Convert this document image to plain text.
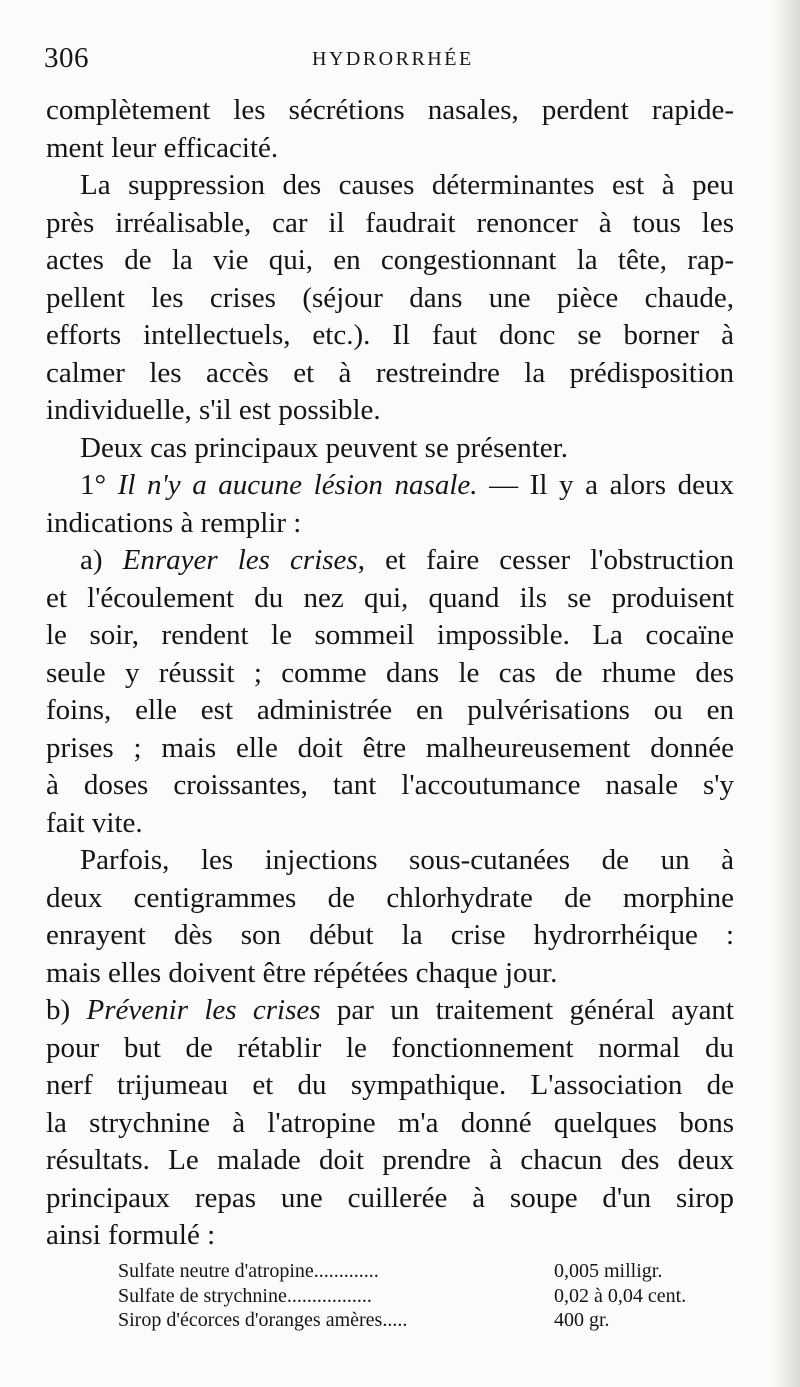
306	HYDRORRHÉE
complètement les sécrétions nasales, perdent rapide-
ment leur efficacité.
La suppression des causes déterminantes est à peu
près irréalisable, car il faudrait renoncer à tous les
actes de la vie qui, en congestionnant la tête, rap-
pellent les crises (séjour dans une pièce chaude,
efforts intellectuels, etc.). Il faut donc se borner à
calmer les accès et à restreindre la prédisposition
individuelle, s'il est possible.
Deux cas principaux peuvent se présenter.
1° Il n'y a aucune lésion nasale. — Il y a alors deux
indications à remplir :
a) Enrayer les crises, et faire cesser l'obstruction
et l'écoulement du nez qui, quand ils se produisent
le soir, rendent le sommeil impossible. La cocaïne
seule y réussit ; comme dans le cas de rhume des
foins, elle est administrée en pulvérisations ou en
prises ; mais elle doit être malheureusement donnée
à doses croissantes, tant l'accoutumance nasale s'y
fait vite.
Parfois, les injections sous-cutanées de un à
deux centigrammes de chlorhydrate de morphine
enrayent dès son début la crise hydrorrhéique :
mais elles doivent être répétées chaque jour.
b) Prévenir les crises par un traitement général ayant
pour but de rétablir le fonctionnement normal du
nerf trijumeau et du sympathique. L'association de
la strychnine à l'atropine m'a donné quelques bons
résultats. Le malade doit prendre à chacun des deux
principaux repas une cuillerée à soupe d'un sirop
ainsi formulé :
Sulfate neutre d'atropine.............	0,005 milligr.
Sulfate de strychnine.................	0,02 à 0,04 cent.
Sirop d'écorces d'oranges amères.....	400 gr.
